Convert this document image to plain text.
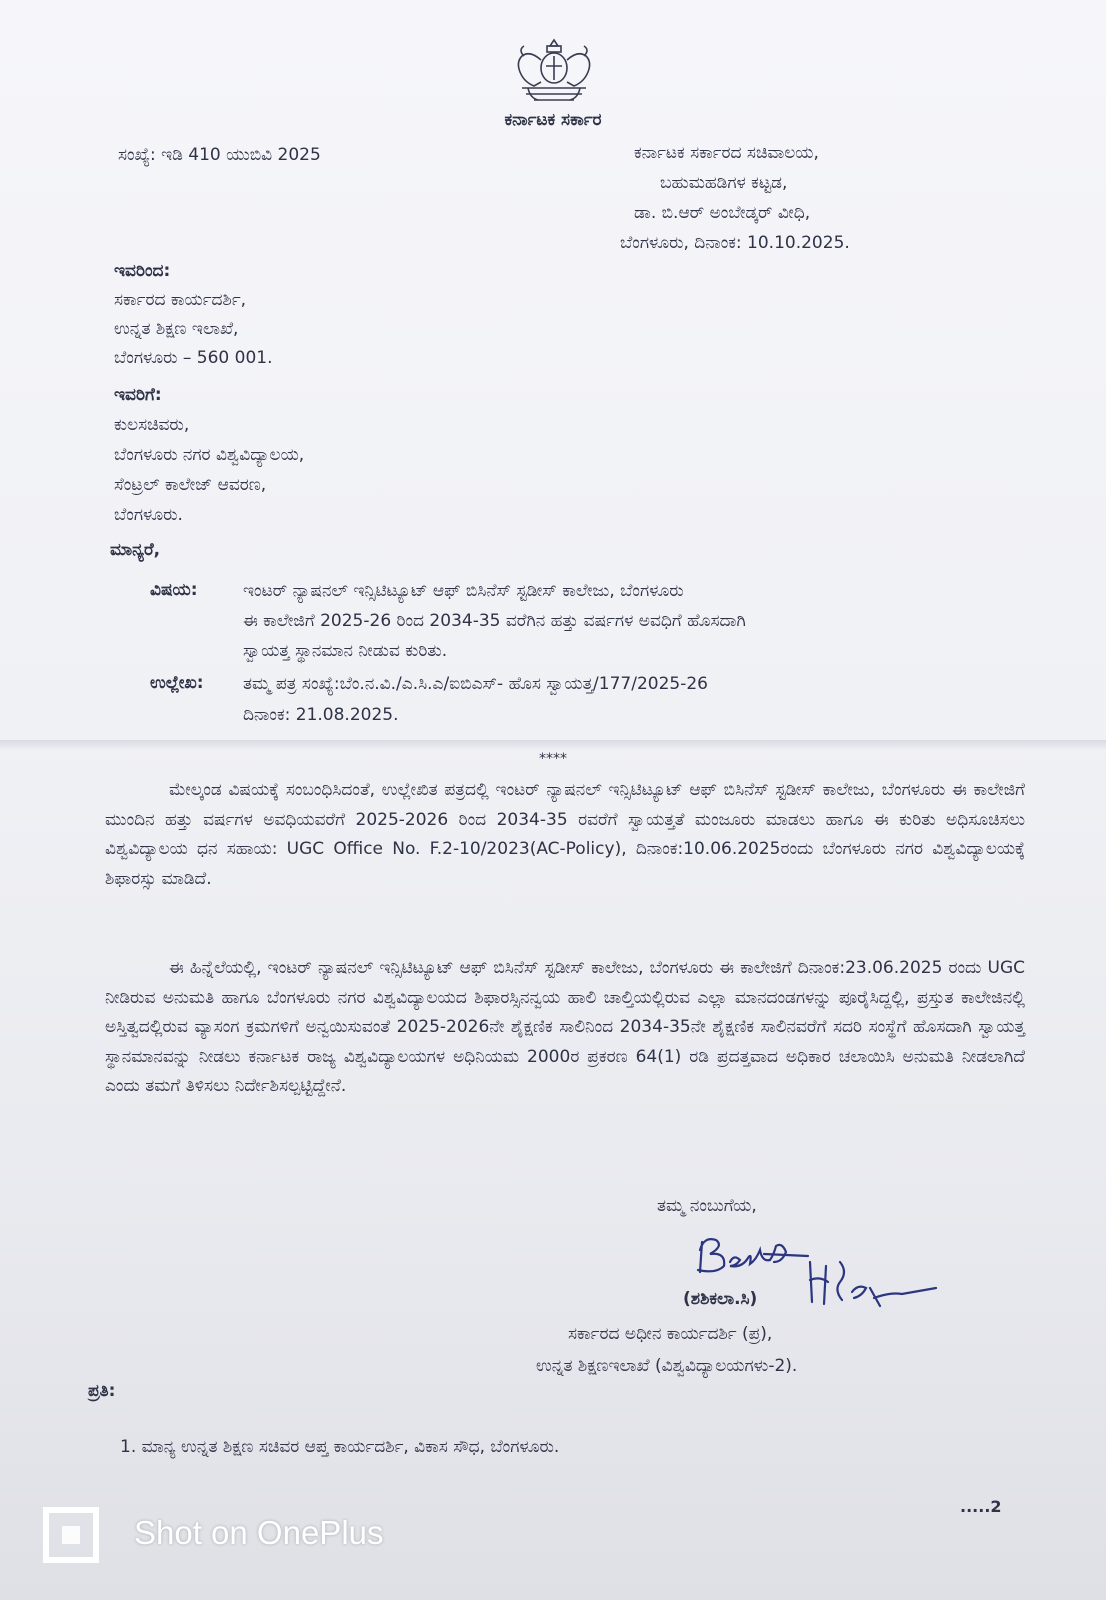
ಕರ್ನಾಟಕ ಸರ್ಕಾರ
ಸಂಖ್ಯೆ: ಇಡಿ 410 ಯುಬಿವಿ 2025	ಕರ್ನಾಟಕ ಸರ್ಕಾರದ ಸಚಿವಾಲಯ,
ಬಹುಮಹಡಿಗಳ ಕಟ್ಟಡ,
ಡಾ. ಬಿ.ಆರ್ ಅಂಬೇಡ್ಕರ್ ವೀಧಿ,
ಬೆಂಗಳೂರು, ದಿನಾಂಕ: 10.10.2025.
ಇವರಿಂದ:
ಸರ್ಕಾರದ ಕಾರ್ಯದರ್ಶಿ,
ಉನ್ನತ ಶಿಕ್ಷಣ ಇಲಾಖೆ,
ಬೆಂಗಳೂರು – 560 001.
ಇವರಿಗೆ:
ಕುಲಸಚಿವರು,
ಬೆಂಗಳೂರು ನಗರ ವಿಶ್ವವಿದ್ಯಾಲಯ,
ಸೆಂಟ್ರಲ್ ಕಾಲೇಜ್ ಆವರಣ,
ಬೆಂಗಳೂರು.
ಮಾನ್ಯರೆ,
ವಿಷಯ:	ಇಂಟರ್ ನ್ಯಾಷನಲ್ ಇನ್ಸಿಟಿಟ್ಯೂಟ್ ಆಫ್ ಬಿಸಿನೆಸ್ ಸ್ಟಡೀಸ್ ಕಾಲೇಜು, ಬೆಂಗಳೂರು
ಈ ಕಾಲೇಜಿಗೆ 2025-26 ರಿಂದ 2034-35 ವರೆಗಿನ ಹತ್ತು ವರ್ಷಗಳ ಅವಧಿಗೆ ಹೊಸದಾಗಿ
ಸ್ವಾಯತ್ತ ಸ್ಥಾನಮಾನ ನೀಡುವ ಕುರಿತು.
ಉಲ್ಲೇಖ: ತಮ್ಮ ಪತ್ರ ಸಂಖ್ಯೆ:ಬೆಂ.ನ.ವಿ./ಎ.ಸಿ.ಎ/ಐಬಿಎಸ್- ಹೊಸ ಸ್ವಾಯತ್ತ/177/2025-26
ದಿನಾಂಕ: 21.08.2025.
****
ಮೇಲ್ಕಂಡ ವಿಷಯಕ್ಕೆ ಸಂಬಂಧಿಸಿದಂತೆ, ಉಲ್ಲೇಖಿತ ಪತ್ರದಲ್ಲಿ ಇಂಟರ್ ನ್ಯಾಷನಲ್ ಇನ್ಸಿಟಿಟ್ಯೂಟ್ ಆಫ್ ಬಿಸಿನೆಸ್ ಸ್ಟಡೀಸ್ ಕಾಲೇಜು, ಬೆಂಗಳೂರು ಈ ಕಾಲೇಜಿಗೆ ಮುಂದಿನ ಹತ್ತು ವರ್ಷಗಳ ಅವಧಿಯವರೆಗೆ 2025-2026 ರಿಂದ 2034-35 ರವರೆಗೆ ಸ್ವಾಯತ್ತತೆ ಮಂಜೂರು ಮಾಡಲು ಹಾಗೂ ಈ ಕುರಿತು ಅಧಿಸೂಚಿಸಲು ವಿಶ್ವವಿದ್ಯಾಲಯ ಧನ ಸಹಾಯ: UGC Office No. F.2-10/2023(AC-Policy), ದಿನಾಂಕ:10.06.2025ರಂದು ಬೆಂಗಳೂರು ನಗರ ವಿಶ್ವವಿದ್ಯಾಲಯಕ್ಕೆ ಶಿಫಾರಸ್ಸು ಮಾಡಿದೆ.
ಈ ಹಿನ್ನೆಲೆಯಲ್ಲಿ, ಇಂಟರ್ ನ್ಯಾಷನಲ್ ಇನ್ಸಿಟಿಟ್ಯೂಟ್ ಆಫ್ ಬಿಸಿನೆಸ್ ಸ್ಟಡೀಸ್ ಕಾಲೇಜು, ಬೆಂಗಳೂರು ಈ ಕಾಲೇಜಿಗೆ ದಿನಾಂಕ:23.06.2025 ರಂದು UGC ನೀಡಿರುವ ಅನುಮತಿ ಹಾಗೂ ಬೆಂಗಳೂರು ನಗರ ವಿಶ್ವವಿದ್ಯಾಲಯದ ಶಿಫಾರಸ್ಸಿನನ್ವಯ ಹಾಲಿ ಚಾಲ್ತಿಯಲ್ಲಿರುವ ಎಲ್ಲಾ ಮಾನದಂಡಗಳನ್ನು ಪೂರೈಸಿದ್ದಲ್ಲಿ, ಪ್ರಸ್ತುತ ಕಾಲೇಜಿನಲ್ಲಿ ಅಸ್ತಿತ್ವದಲ್ಲಿರುವ ವ್ಯಾಸಂಗ ಕ್ರಮಗಳಿಗೆ ಅನ್ವಯಿಸುವಂತೆ 2025-2026ನೇ ಶೈಕ್ಷಣಿಕ ಸಾಲಿನಿಂದ 2034-35ನೇ ಶೈಕ್ಷಣಿಕ ಸಾಲಿನವರೆಗೆ ಸದರಿ ಸಂಸ್ಥೆಗೆ ಹೊಸದಾಗಿ ಸ್ವಾಯತ್ತ ಸ್ಥಾನಮಾನವನ್ನು ನೀಡಲು ಕರ್ನಾಟಕ ರಾಜ್ಯ ವಿಶ್ವವಿದ್ಯಾಲಯಗಳ ಅಧಿನಿಯಮ 2000ರ ಪ್ರಕರಣ 64(1) ರಡಿ ಪ್ರದತ್ತವಾದ ಅಧಿಕಾರ ಚಲಾಯಿಸಿ ಅನುಮತಿ ನೀಡಲಾಗಿದೆ ಎಂದು ತಮಗೆ ತಿಳಿಸಲು ನಿರ್ದೇಶಿಸಲ್ಪಟ್ಟಿದ್ದೇನೆ.
ತಮ್ಮ ನಂಬುಗೆಯ,
(ಶಶಿಕಲಾ.ಸಿ)
ಸರ್ಕಾರದ ಅಧೀನ ಕಾರ್ಯದರ್ಶಿ (ಪ್ರ),
ಉನ್ನತ ಶಿಕ್ಷಣಇಲಾಖೆ (ವಿಶ್ವವಿದ್ಯಾಲಯಗಳು-2).
ಪ್ರತಿ:
1. ಮಾನ್ಯ ಉನ್ನತ ಶಿಕ್ಷಣ ಸಚಿವರ ಆಪ್ತ ಕಾರ್ಯದರ್ಶಿ, ವಿಕಾಸ ಸೌಧ, ಬೆಂಗಳೂರು.
.....2
Shot on OnePlus
